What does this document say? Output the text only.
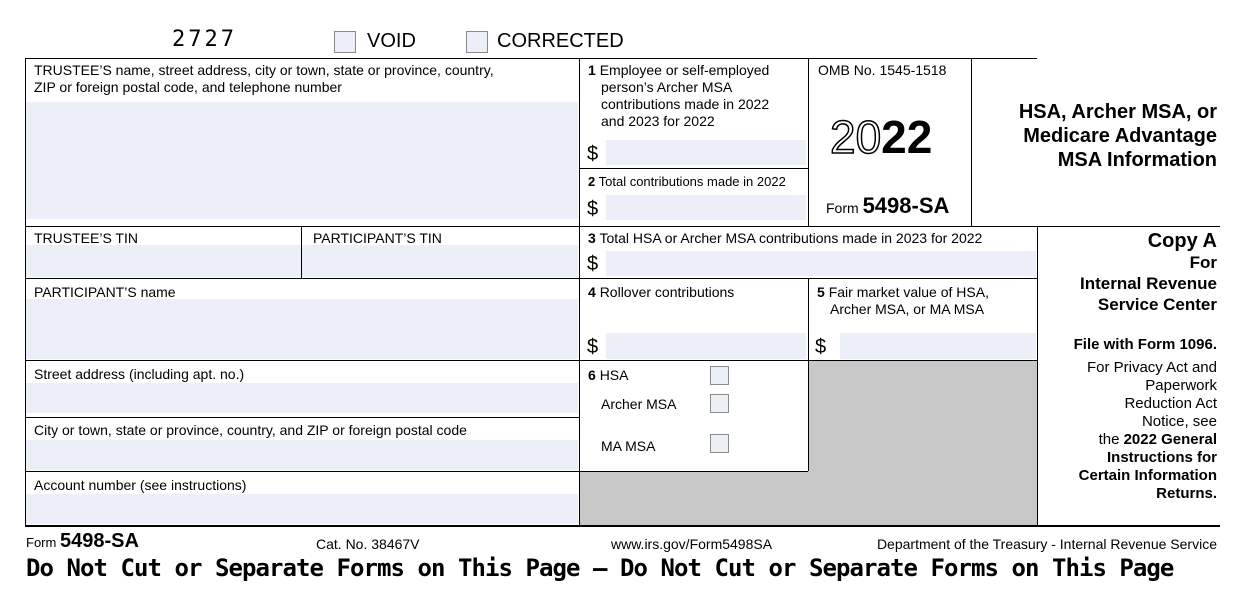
2727	VOID	CORRECTED
TRUSTEE’S name, street address, city or town, state or province, country,
ZIP or foreign postal code, and telephone number
1 Employee or self-employed
person’s Archer MSA
contributions made in 2022
and 2023 for 2022
$
2 Total contributions made in 2022
$
OMB No. 1545-1518
2022
Form 5498-SA
HSA, Archer MSA, or
Medicare Advantage
MSA Information
TRUSTEE’S TIN	PARTICIPANT’S TIN	3 Total HSA or Archer MSA contributions made in 2023 for 2022
$
PARTICIPANT’S name	4 Rollover contributions
$
5 Fair market value of HSA,
Archer MSA, or MA MSA
$
Street address (including apt. no.)
City or town, state or province, country, and ZIP or foreign postal code
Account number (see instructions)
6 HSA
Archer MSA
MA MSA
Copy A
For
Internal Revenue
Service Center
File with Form 1096.
For Privacy Act and
Paperwork
Reduction Act
Notice, see
the 2022 General
Instructions for
Certain Information
Returns.
Form 5498-SA	Cat. No. 38467V	www.irs.gov/Form5498SA	Department of the Treasury - Internal Revenue Service
Do Not Cut or Separate Forms on This Page — Do Not Cut or Separate Forms on This Page
